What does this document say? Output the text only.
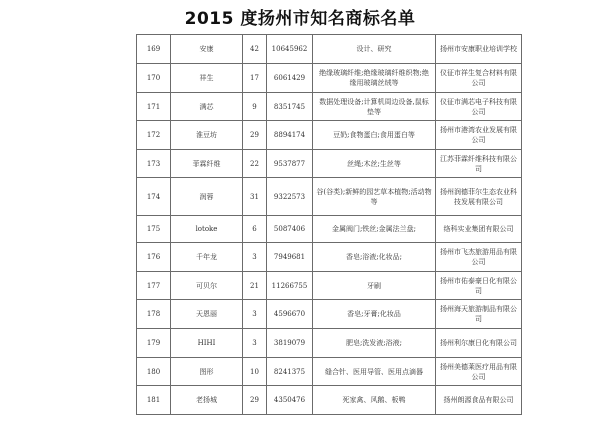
2015 度扬州市知名商标名单
169	安康	42	10645962	设计、研究	扬州市安康职业培训学校
170	祥生	17	6061429	绝缘玻璃纤维;绝缘玻璃纤维织物;绝缘用玻璃丝绒等	仪征市祥生复合材料有限公司
171	满芯	9	8351745	数据处理设备;计算机周边设备,鼠标垫等	仪征市满芯电子科技有限公司
172	淮豆坊	29	8894174	豆奶;食物蛋白;食用蛋白等	扬州市港湾农业发展有限公司
173	菲霖纤维	22	9537877	丝绳;木丝;生丝等	江苏菲霖纤维科技有限公司
174	润蓉	31	9322573	谷(谷类);新鲜的园艺草本植物;活动物等	扬州润德菲尔生态农业科技发展有限公司
175	lotoke	6	5087406	金属阀门;铁丝;金属法兰盘;	络科实业集团有限公司
176	千年龙	3	7949681	香皂;浴液;化妆品;	扬州市飞杰旅游用品有限公司
177	可贝尔	21	11266755	牙刷	扬州市佑泰豪日化有限公司
178	天恩丽	3	4596670	香皂;牙膏;化妆品	扬州海天旅游制品有限公司
179	HIHI	3	3819079	肥皂;洗发液;浴液;	扬州利尔康日化有限公司
180	图形	10	8241375	缝合针、医用导管、医用点滴器	扬州美德莱医疗用品有限公司
181	老扬城	29	4350476	死家禽、风鹅、板鸭	扬州朗源食品有限公司
